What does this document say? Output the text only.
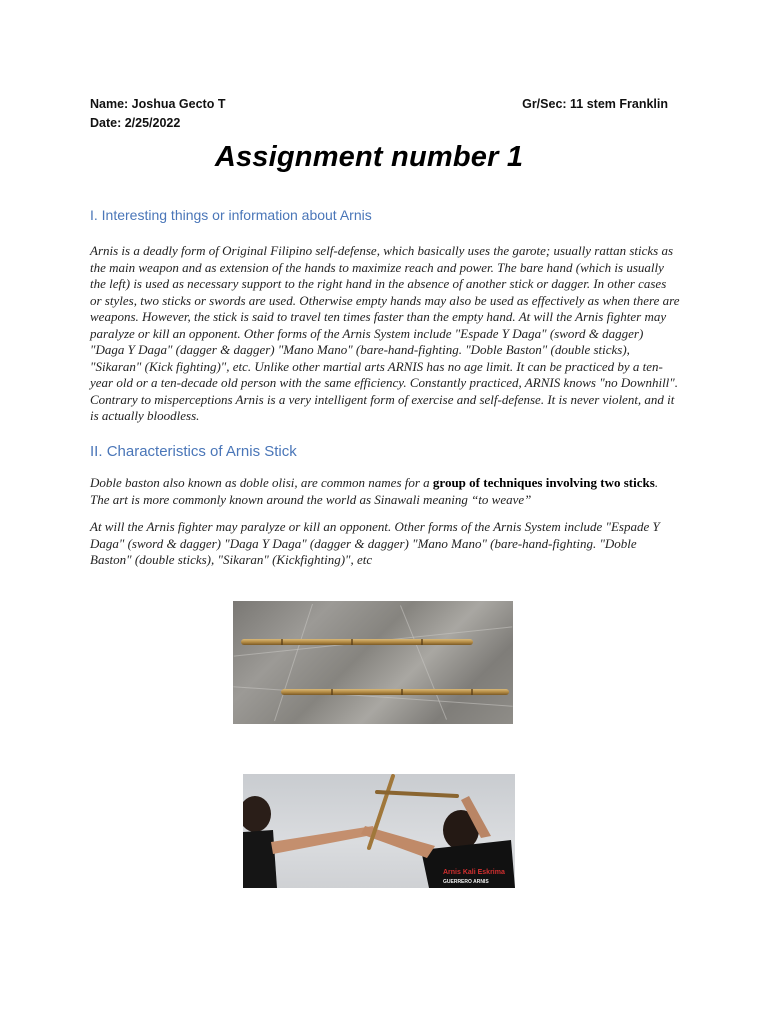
Name: Joshua Gecto T
Date: 2/25/2022
Gr/Sec: 11 stem Franklin
Assignment number 1
I. Interesting things or information about Arnis
Arnis is a deadly form of Original Filipino self-defense, which basically uses the garote; usually rattan sticks as the main weapon and as extension of the hands to maximize reach and power. The bare hand (which is usually the left) is used as necessary support to the right hand in the absence of another stick or dagger. In other cases or styles, two sticks or swords are used. Otherwise empty hands may also be used as effectively as when there are weapons. However, the stick is said to travel ten times faster than the empty hand. At will the Arnis fighter may paralyze or kill an opponent. Other forms of the Arnis System include "Espade Y Daga" (sword & dagger) "Daga Y Daga" (dagger & dagger) "Mano Mano" (bare-hand-fighting. "Doble Baston" (double sticks), "Sikaran" (Kick fighting)", etc. Unlike other martial arts ARNIS has no age limit. It can be practiced by a ten-year old or a ten-decade old person with the same efficiency. Constantly practiced, ARNIS knows "no Downhill". Contrary to misperceptions Arnis is a very intelligent form of exercise and self-defense. It is never violent, and it is actually bloodless.
II. Characteristics of Arnis Stick
Doble baston also known as doble olisi, are common names for a group of techniques involving two sticks. The art is more commonly known around the world as Sinawali meaning “to weave”
At will the Arnis fighter may paralyze or kill an opponent. Other forms of the Arnis System include "Espade Y Daga" (sword & dagger) "Daga Y Daga" (dagger & dagger) "Mano Mano" (bare-hand-fighting. "Doble Baston" (double sticks), "Sikaran" (Kickfighting)", etc
Arnis Kali Eskrima
GUERRERO ARNIS
